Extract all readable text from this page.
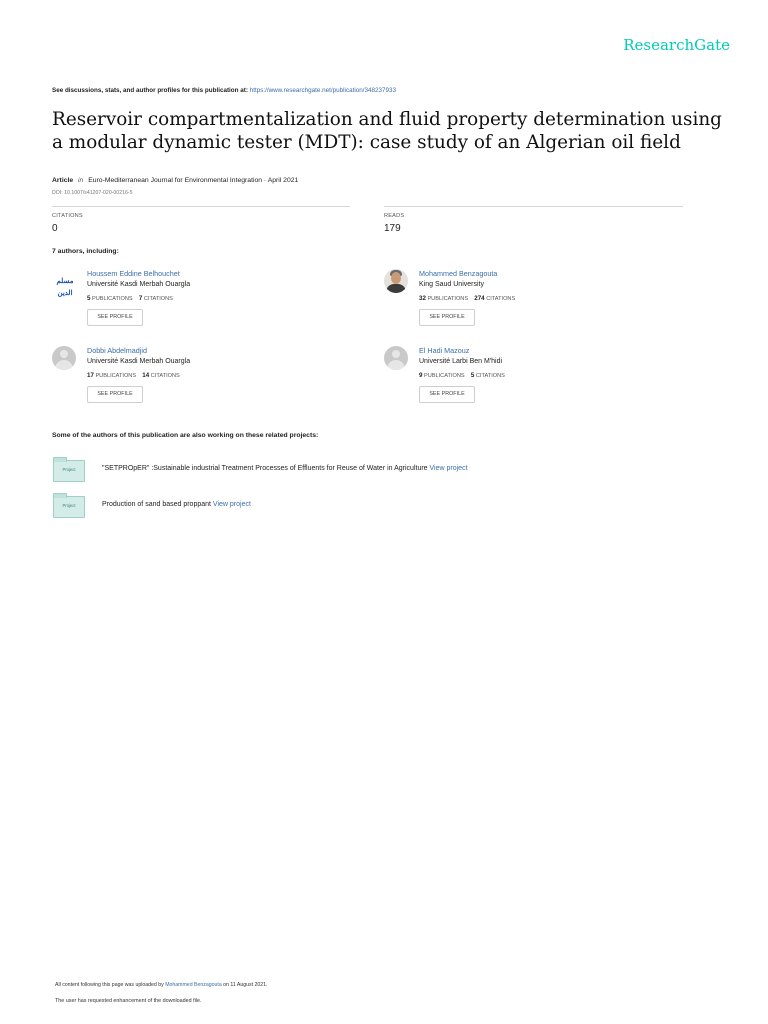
ResearchGate
See discussions, stats, and author profiles for this publication at: https://www.researchgate.net/publication/348237933
Reservoir compartmentalization and fluid property determination using a modular dynamic tester (MDT): case study of an Algerian oil field
Article in Euro-Mediterranean Journal for Environmental Integration · April 2021
DOI: 10.1007/s41207-020-00216-5
CITATIONS
0
READS
179
7 authors, including:
مسلم الدين
Houssem Eddine Belhouchet
Université Kasdi Merbah Ouargla
5 PUBLICATIONS 7 CITATIONS
SEE PROFILE
Mohammed Benzagouta
King Saud University
32 PUBLICATIONS 274 CITATIONS
SEE PROFILE
Dobbi Abdelmadjid
Université Kasdi Merbah Ouargla
17 PUBLICATIONS 14 CITATIONS
SEE PROFILE
El Hadi Mazouz
Université Larbi Ben M'hidi
9 PUBLICATIONS 5 CITATIONS
SEE PROFILE
Some of the authors of this publication are also working on these related projects:
Project	"SETPROpER" :Sustainable industrial Treatment Processes of Effluents for Reuse of Water in Agriculture View project
Project	Production of sand based proppant View project
All content following this page was uploaded by Mohammed Benzagouta on 11 August 2021.
The user has requested enhancement of the downloaded file.
